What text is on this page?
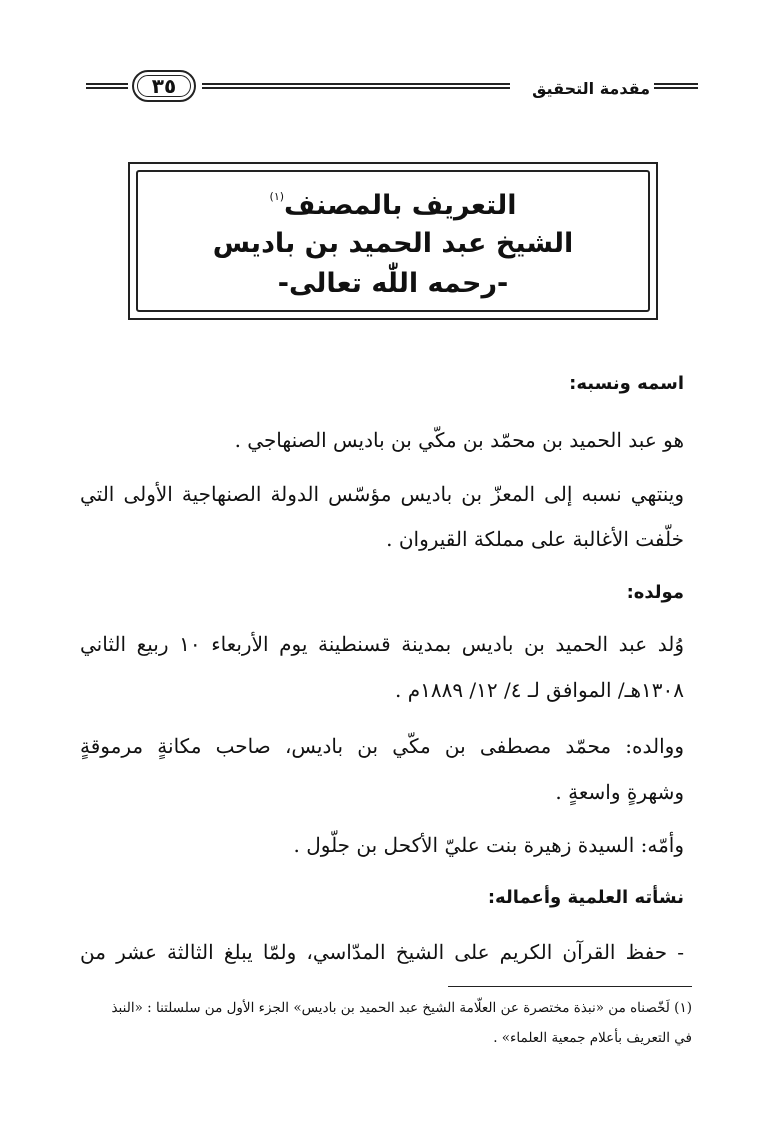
٣٥	مقدمة التحقيق
التعريف بالمصنف$^{(١)}$
الشيخ عبد الحميد بن باديس
-رحمه اللّٰه تعالى-
اسمه ونسبه:
هو عبد الحميد بن محمّد بن مكّي بن باديس الصنهاجي .
وينتهي نسبه إلى المعزّ بن باديس مؤسّس الدولة الصنهاجية الأولى التي
خلّفت الأغالبة على مملكة القيروان .
مولده:
وُلد عبد الحميد بن باديس بمدينة قسنطينة يوم الأربعاء ١٠ ربيع الثاني
١٣٠٨هـ/ الموافق لـ ٤/ ١٢/ ١٨٨٩م .
ووالده: محمّد مصطفى بن مكّي بن باديس، صاحب مكانةٍ مرموقةٍ
وشهرةٍ واسعةٍ .
وأمّه: السيدة زهيرة بنت عليّ الأكحل بن جلّول .
نشأته العلمية وأعماله:
- حفظ القرآن الكريم على الشيخ المدّاسي، ولمّا يبلغ الثالثة عشر من
(١) لَخّصناه من «نبذة مختصرة عن العلّامة الشيخ عبد الحميد بن باديس» الجزء الأول من سلسلتنا : «النبذ
في التعريف بأعلام جمعية العلماء» .
